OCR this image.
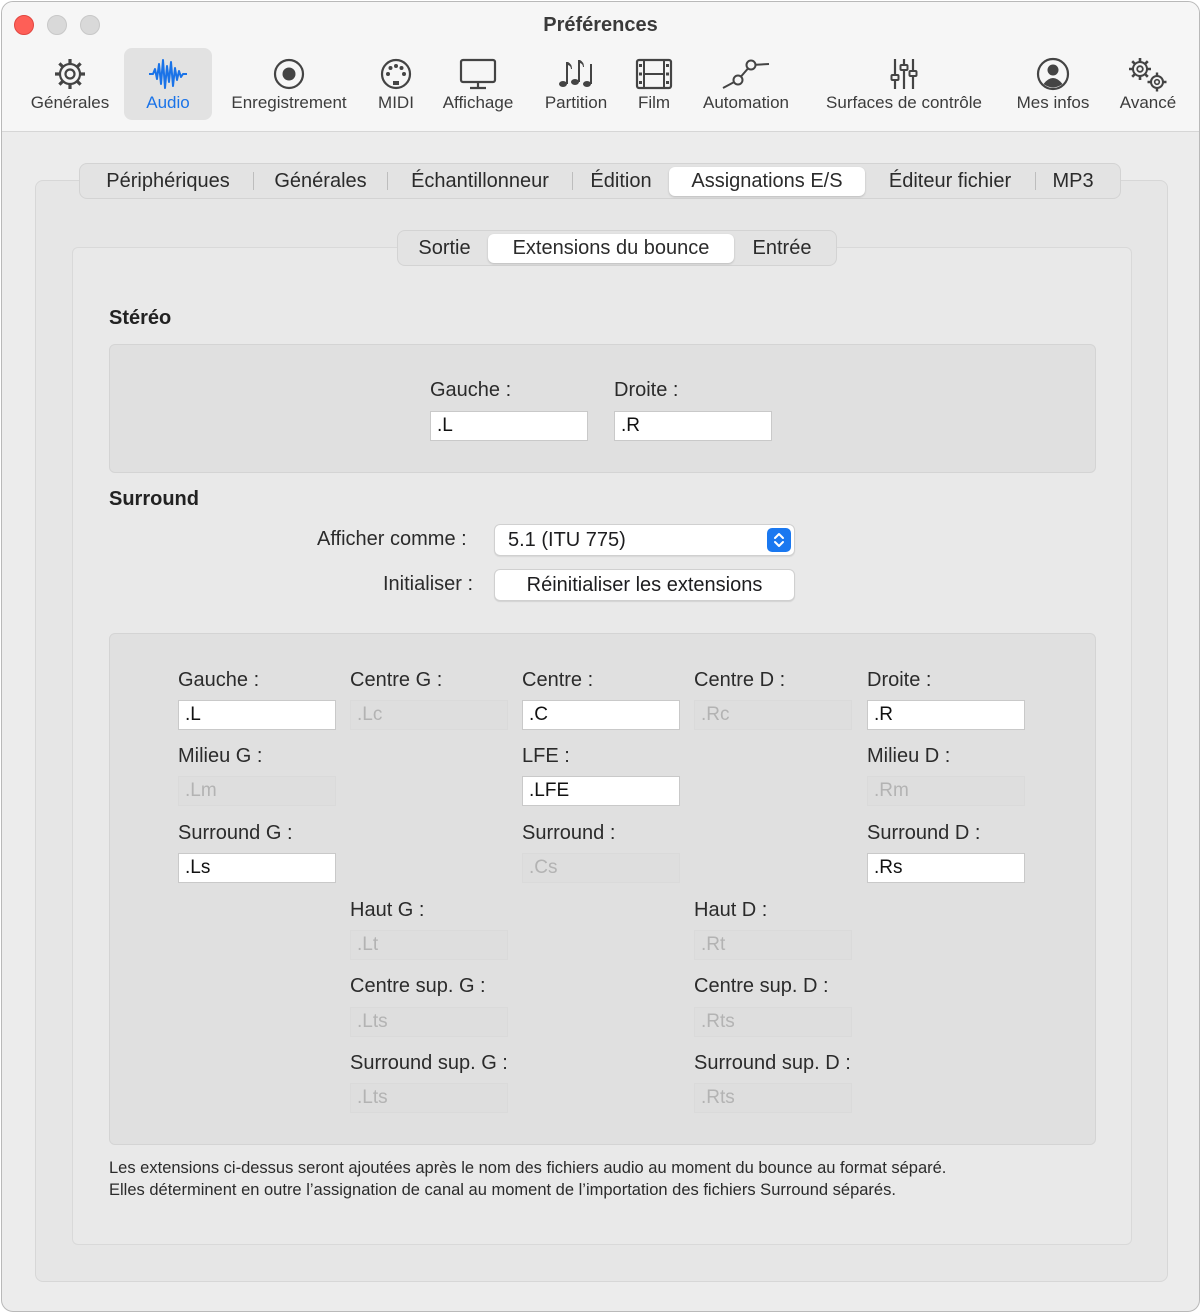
Préférences
Générales	Audio	Enregistrement	MIDI	Affichage	Partition	Film	Automation	Surfaces de contrôle	Mes infos	Avancé
Périphériques	Générales	Échantillonneur	Édition	Assignations E/S	Éditeur fichier	MP3
Sortie	Extensions du bounce	Entrée
Stéréo
Gauche :
.L
Droite :
.R
Surround
Afficher comme : 5.1 (ITU 775)
Initialiser :	Réinitialiser les extensions
Gauche :
.L
Centre G :
.Lc
Centre :
.C
Centre D :
.Rc
Droite :
.R
Milieu G :
.Lm
LFE :
.LFE
Milieu D :
.Rm
Surround G :
.Ls
Surround :
.Cs
Surround D :
.Rs
Haut G :
.Lt
Haut D :
.Rt
Centre sup. G :
.Lts
Centre sup. D :
.Rts
Surround sup. G :
.Lts
Surround sup. D :
.Rts
Les extensions ci-dessus seront ajoutées après le nom des fichiers audio au moment du bounce au format séparé.
Elles déterminent en outre l’assignation de canal au moment de l’importation des fichiers Surround séparés.
